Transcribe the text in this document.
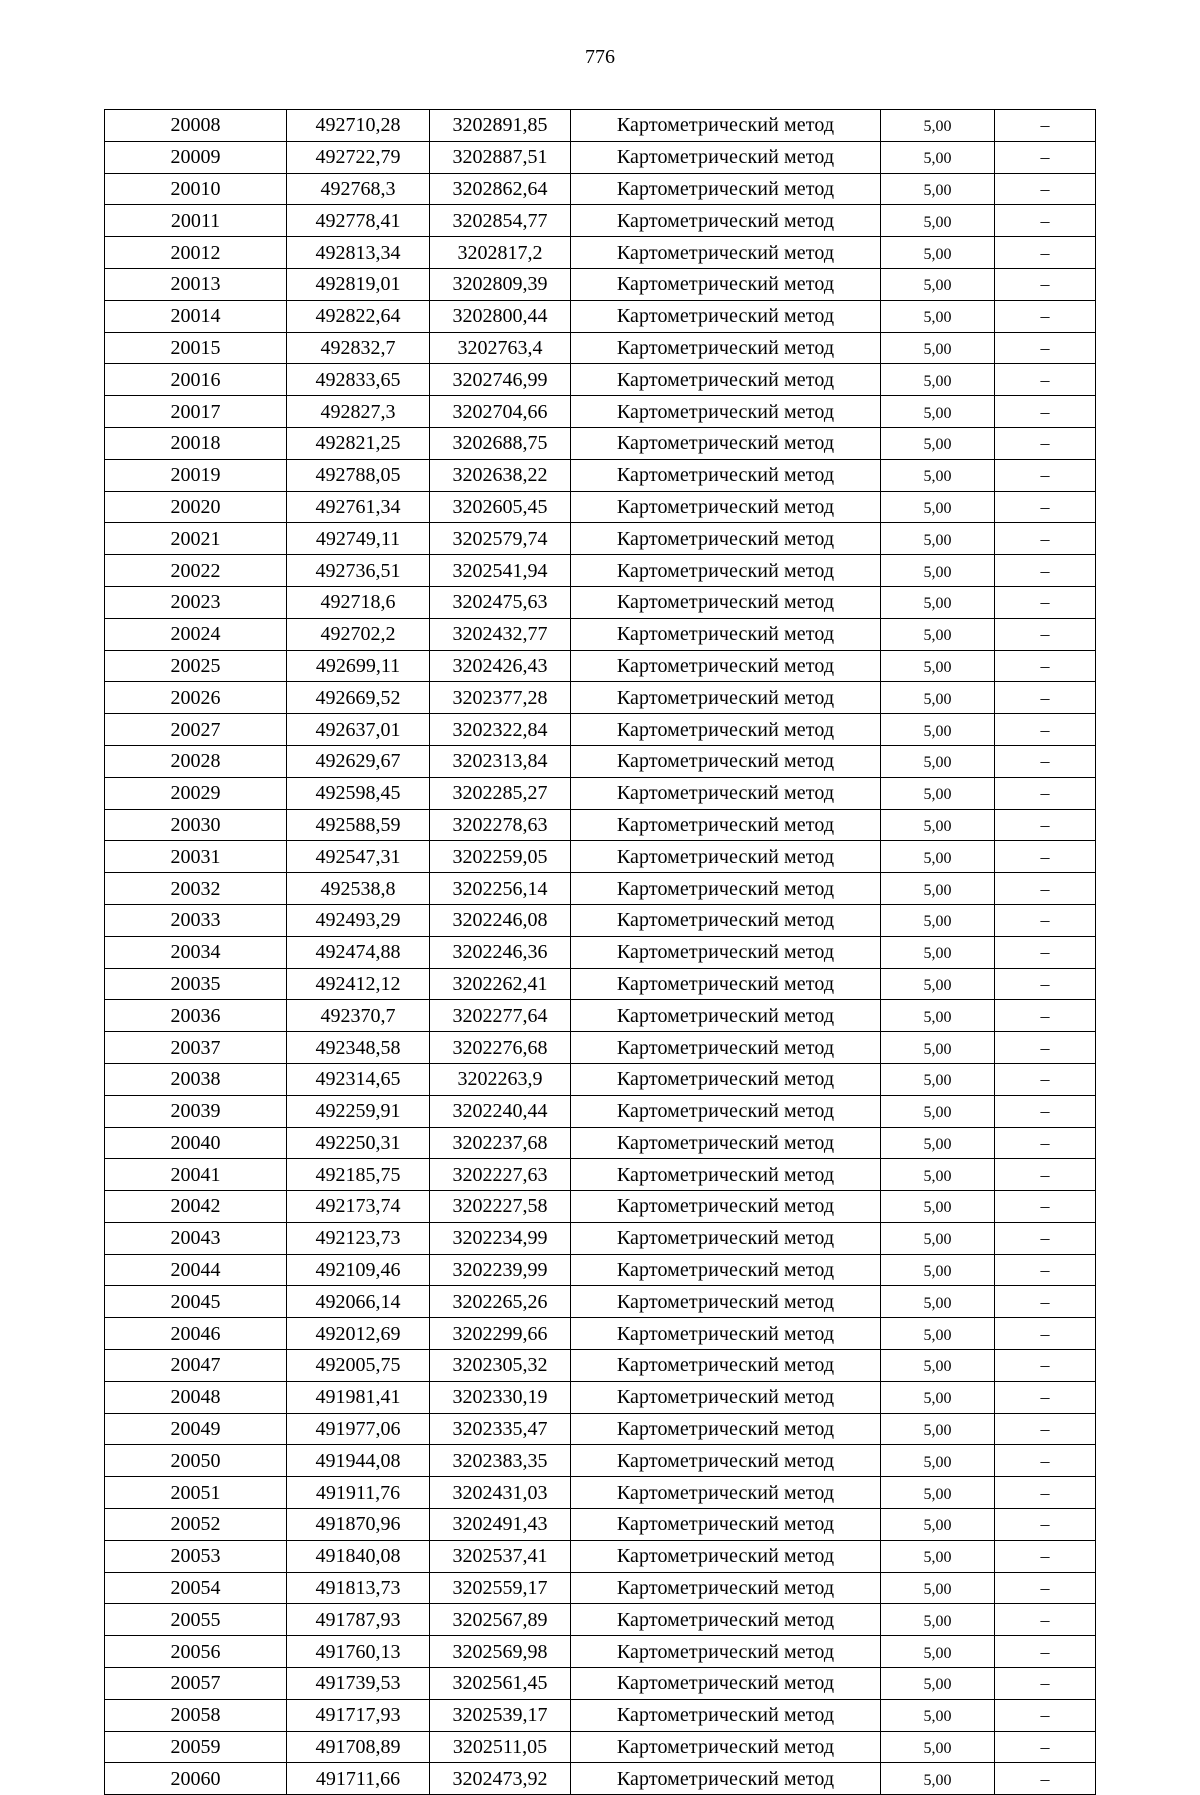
776
20008	492710,28	3202891,85	Картометрический метод	5,00	–
20009	492722,79	3202887,51	Картометрический метод	5,00	–
20010	492768,3	3202862,64	Картометрический метод	5,00	–
20011	492778,41	3202854,77	Картометрический метод	5,00	–
20012	492813,34	3202817,2	Картометрический метод	5,00	–
20013	492819,01	3202809,39	Картометрический метод	5,00	–
20014	492822,64	3202800,44	Картометрический метод	5,00	–
20015	492832,7	3202763,4	Картометрический метод	5,00	–
20016	492833,65	3202746,99	Картометрический метод	5,00	–
20017	492827,3	3202704,66	Картометрический метод	5,00	–
20018	492821,25	3202688,75	Картометрический метод	5,00	–
20019	492788,05	3202638,22	Картометрический метод	5,00	–
20020	492761,34	3202605,45	Картометрический метод	5,00	–
20021	492749,11	3202579,74	Картометрический метод	5,00	–
20022	492736,51	3202541,94	Картометрический метод	5,00	–
20023	492718,6	3202475,63	Картометрический метод	5,00	–
20024	492702,2	3202432,77	Картометрический метод	5,00	–
20025	492699,11	3202426,43	Картометрический метод	5,00	–
20026	492669,52	3202377,28	Картометрический метод	5,00	–
20027	492637,01	3202322,84	Картометрический метод	5,00	–
20028	492629,67	3202313,84	Картометрический метод	5,00	–
20029	492598,45	3202285,27	Картометрический метод	5,00	–
20030	492588,59	3202278,63	Картометрический метод	5,00	–
20031	492547,31	3202259,05	Картометрический метод	5,00	–
20032	492538,8	3202256,14	Картометрический метод	5,00	–
20033	492493,29	3202246,08	Картометрический метод	5,00	–
20034	492474,88	3202246,36	Картометрический метод	5,00	–
20035	492412,12	3202262,41	Картометрический метод	5,00	–
20036	492370,7	3202277,64	Картометрический метод	5,00	–
20037	492348,58	3202276,68	Картометрический метод	5,00	–
20038	492314,65	3202263,9	Картометрический метод	5,00	–
20039	492259,91	3202240,44	Картометрический метод	5,00	–
20040	492250,31	3202237,68	Картометрический метод	5,00	–
20041	492185,75	3202227,63	Картометрический метод	5,00	–
20042	492173,74	3202227,58	Картометрический метод	5,00	–
20043	492123,73	3202234,99	Картометрический метод	5,00	–
20044	492109,46	3202239,99	Картометрический метод	5,00	–
20045	492066,14	3202265,26	Картометрический метод	5,00	–
20046	492012,69	3202299,66	Картометрический метод	5,00	–
20047	492005,75	3202305,32	Картометрический метод	5,00	–
20048	491981,41	3202330,19	Картометрический метод	5,00	–
20049	491977,06	3202335,47	Картометрический метод	5,00	–
20050	491944,08	3202383,35	Картометрический метод	5,00	–
20051	491911,76	3202431,03	Картометрический метод	5,00	–
20052	491870,96	3202491,43	Картометрический метод	5,00	–
20053	491840,08	3202537,41	Картометрический метод	5,00	–
20054	491813,73	3202559,17	Картометрический метод	5,00	–
20055	491787,93	3202567,89	Картометрический метод	5,00	–
20056	491760,13	3202569,98	Картометрический метод	5,00	–
20057	491739,53	3202561,45	Картометрический метод	5,00	–
20058	491717,93	3202539,17	Картометрический метод	5,00	–
20059	491708,89	3202511,05	Картометрический метод	5,00	–
20060	491711,66	3202473,92	Картометрический метод	5,00	–
